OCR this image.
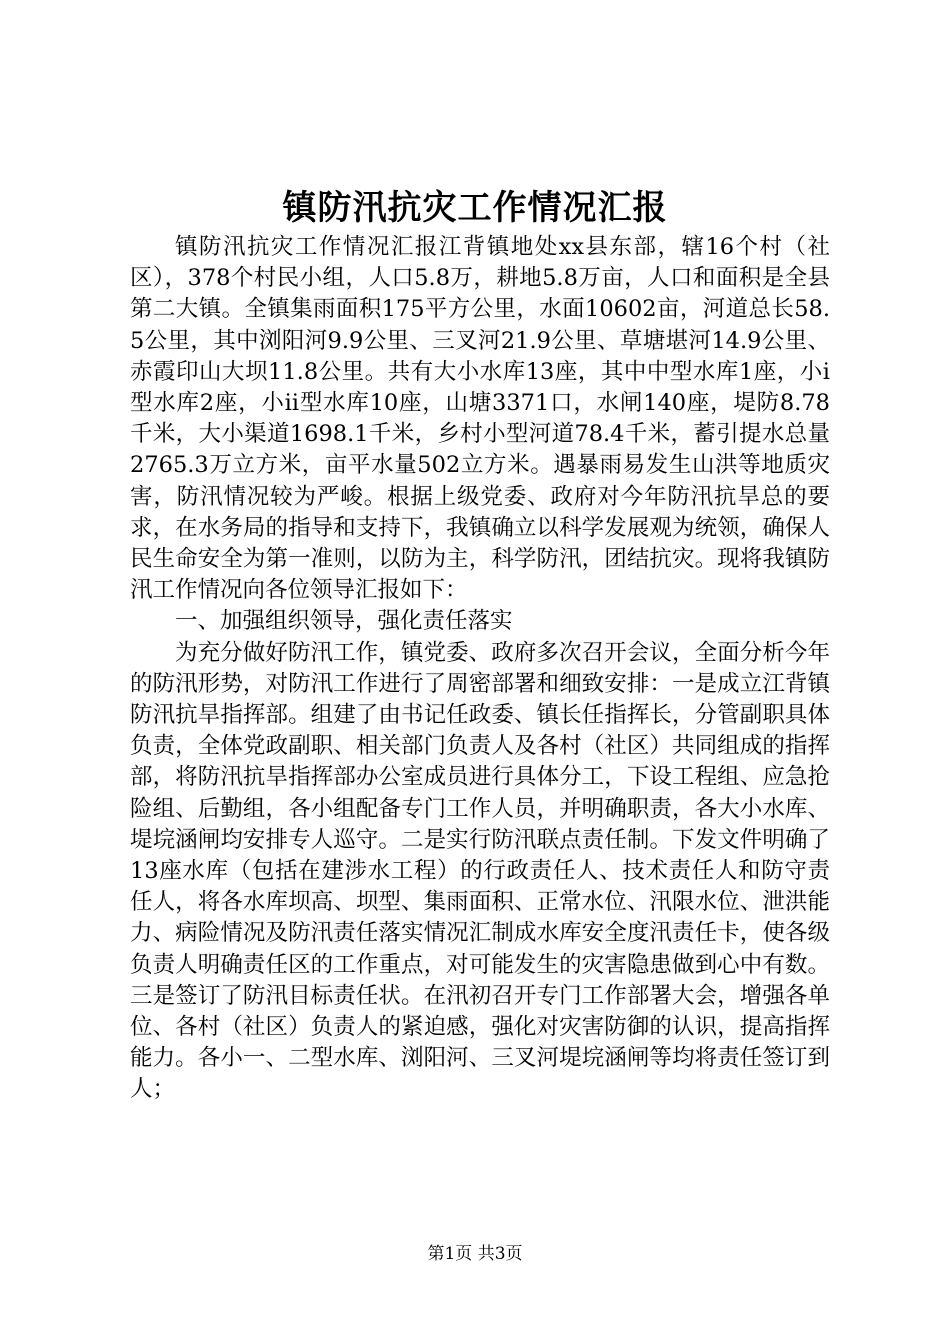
镇防汛抗灾工作情况汇报

镇防汛抗灾工作情况汇报江背镇地处xx县东部，辖16个村（社区），378个村民小组，人口5.8万，耕地5.8万亩，人口和面积是全县第二大镇。全镇集雨面积175平方公里，水面10602亩，河道总长58.5公里，其中浏阳河9.9公里、三叉河21.9公里、草塘堪河14.9公里、赤霞印山大坝11.8公里。共有大小水库13座，其中中型水库1座，小ⅰ型水库2座，小ⅱ型水库10座，山塘3371口，水闸140座，堤防8.78千米，大小渠道1698.1千米，乡村小型河道78.4千米，蓄引提水总量2765.3万立方米，亩平水量502立方米。遇暴雨易发生山洪等地质灾害，防汛情况较为严峻。根据上级党委、政府对今年防汛抗旱总的要求，在水务局的指导和支持下，我镇确立以科学发展观为统领，确保人民生命安全为第一准则，以防为主，科学防汛，团结抗灾。现将我镇防汛工作情况向各位领导汇报如下：

一、加强组织领导，强化责任落实

为充分做好防汛工作，镇党委、政府多次召开会议，全面分析今年的防汛形势，对防汛工作进行了周密部署和细致安排：一是成立江背镇防汛抗旱指挥部。组建了由书记任政委、镇长任指挥长，分管副职具体负责，全体党政副职、相关部门负责人及各村（社区）共同组成的指挥部，将防汛抗旱指挥部办公室成员进行具体分工，下设工程组、应急抢险组、后勤组，各小组配备专门工作人员，并明确职责，各大小水库、堤垸涵闸均安排专人巡守。二是实行防汛联点责任制。下发文件明确了13座水库（包括在建涉水工程）的行政责任人、技术责任人和防守责任人，将各水库坝高、坝型、集雨面积、正常水位、汛限水位、泄洪能力、病险情况及防汛责任落实情况汇制成水库安全度汛责任卡，使各级负责人明确责任区的工作重点，对可能发生的灾害隐患做到心中有数。三是签订了防汛目标责任状。在汛初召开专门工作部署大会，增强各单位、各村（社区）负责人的紧迫感，强化对灾害防御的认识，提高指挥能力。各小一、二型水库、浏阳河、三叉河堤垸涵闸等均将责任签订到人；

第1页 共3页
